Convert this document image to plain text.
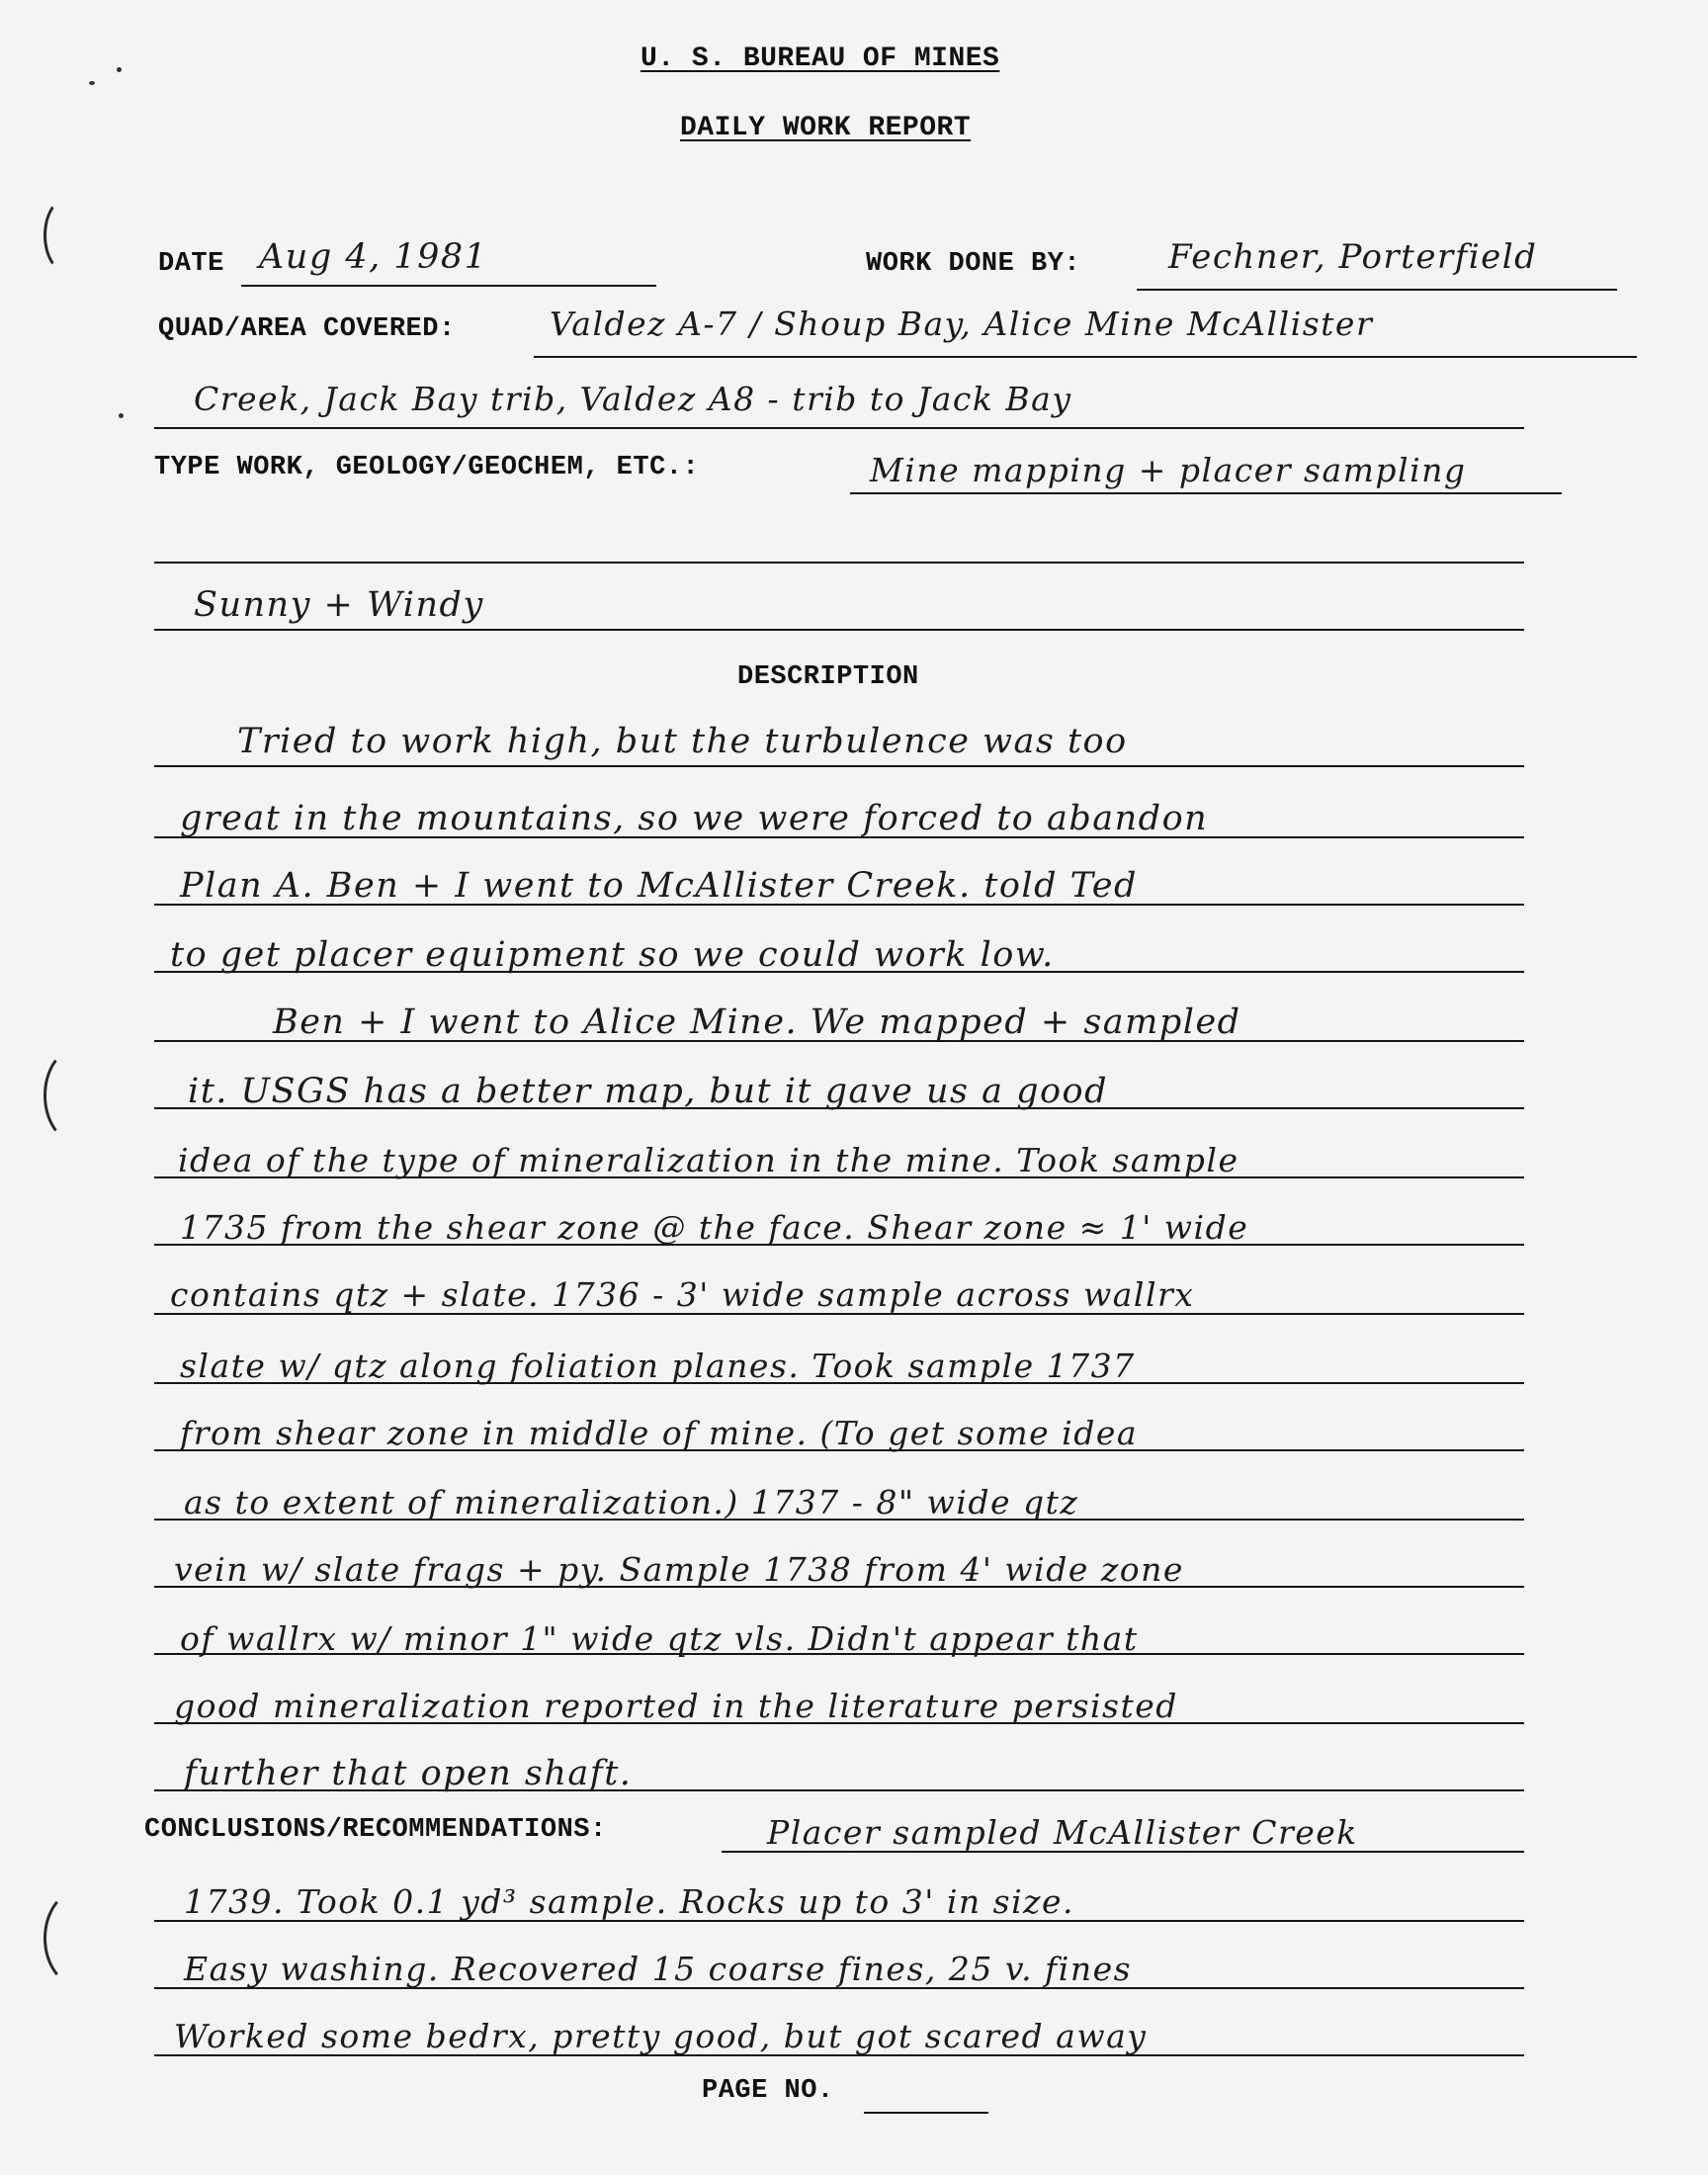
U. S. BUREAU OF MINES
DAILY WORK REPORT
DATE Aug 4, 1981	WORK DONE BY:	Fechner, Porterfield
QUAD/AREA COVERED:	Valdez A-7 / Shoup Bay, Alice Mine McAllister
Creek, Jack Bay trib, Valdez A8 - trib to Jack Bay
TYPE WORK, GEOLOGY/GEOCHEM, ETC.:	Mine mapping + placer sampling
Sunny + Windy
DESCRIPTION
Tried to work high, but the turbulence was too
great in the mountains, so we were forced to abandon
Plan A. Ben + I went to McAllister Creek. told Ted
to get placer equipment so we could work low.
Ben + I went to Alice Mine. We mapped + sampled
it. USGS has a better map, but it gave us a good
idea of the type of mineralization in the mine. Took sample
1735 from the shear zone @ the face. Shear zone ≈ 1' wide
contains qtz + slate. 1736 - 3' wide sample across wallrx
slate w/ qtz along foliation planes. Took sample 1737
from shear zone in middle of mine. (To get some idea
as to extent of mineralization.) 1737 - 8" wide qtz
vein w/ slate frags + py. Sample 1738 from 4' wide zone
of wallrx w/ minor 1" wide qtz vls. Didn't appear that
good mineralization reported in the literature persisted
further that open shaft.
CONCLUSIONS/RECOMMENDATIONS:	Placer sampled McAllister Creek
1739. Took 0.1 yd³ sample. Rocks up to 3' in size.
Easy washing. Recovered 15 coarse fines, 25 v. fines
Worked some bedrx, pretty good, but got scared away
PAGE NO.
